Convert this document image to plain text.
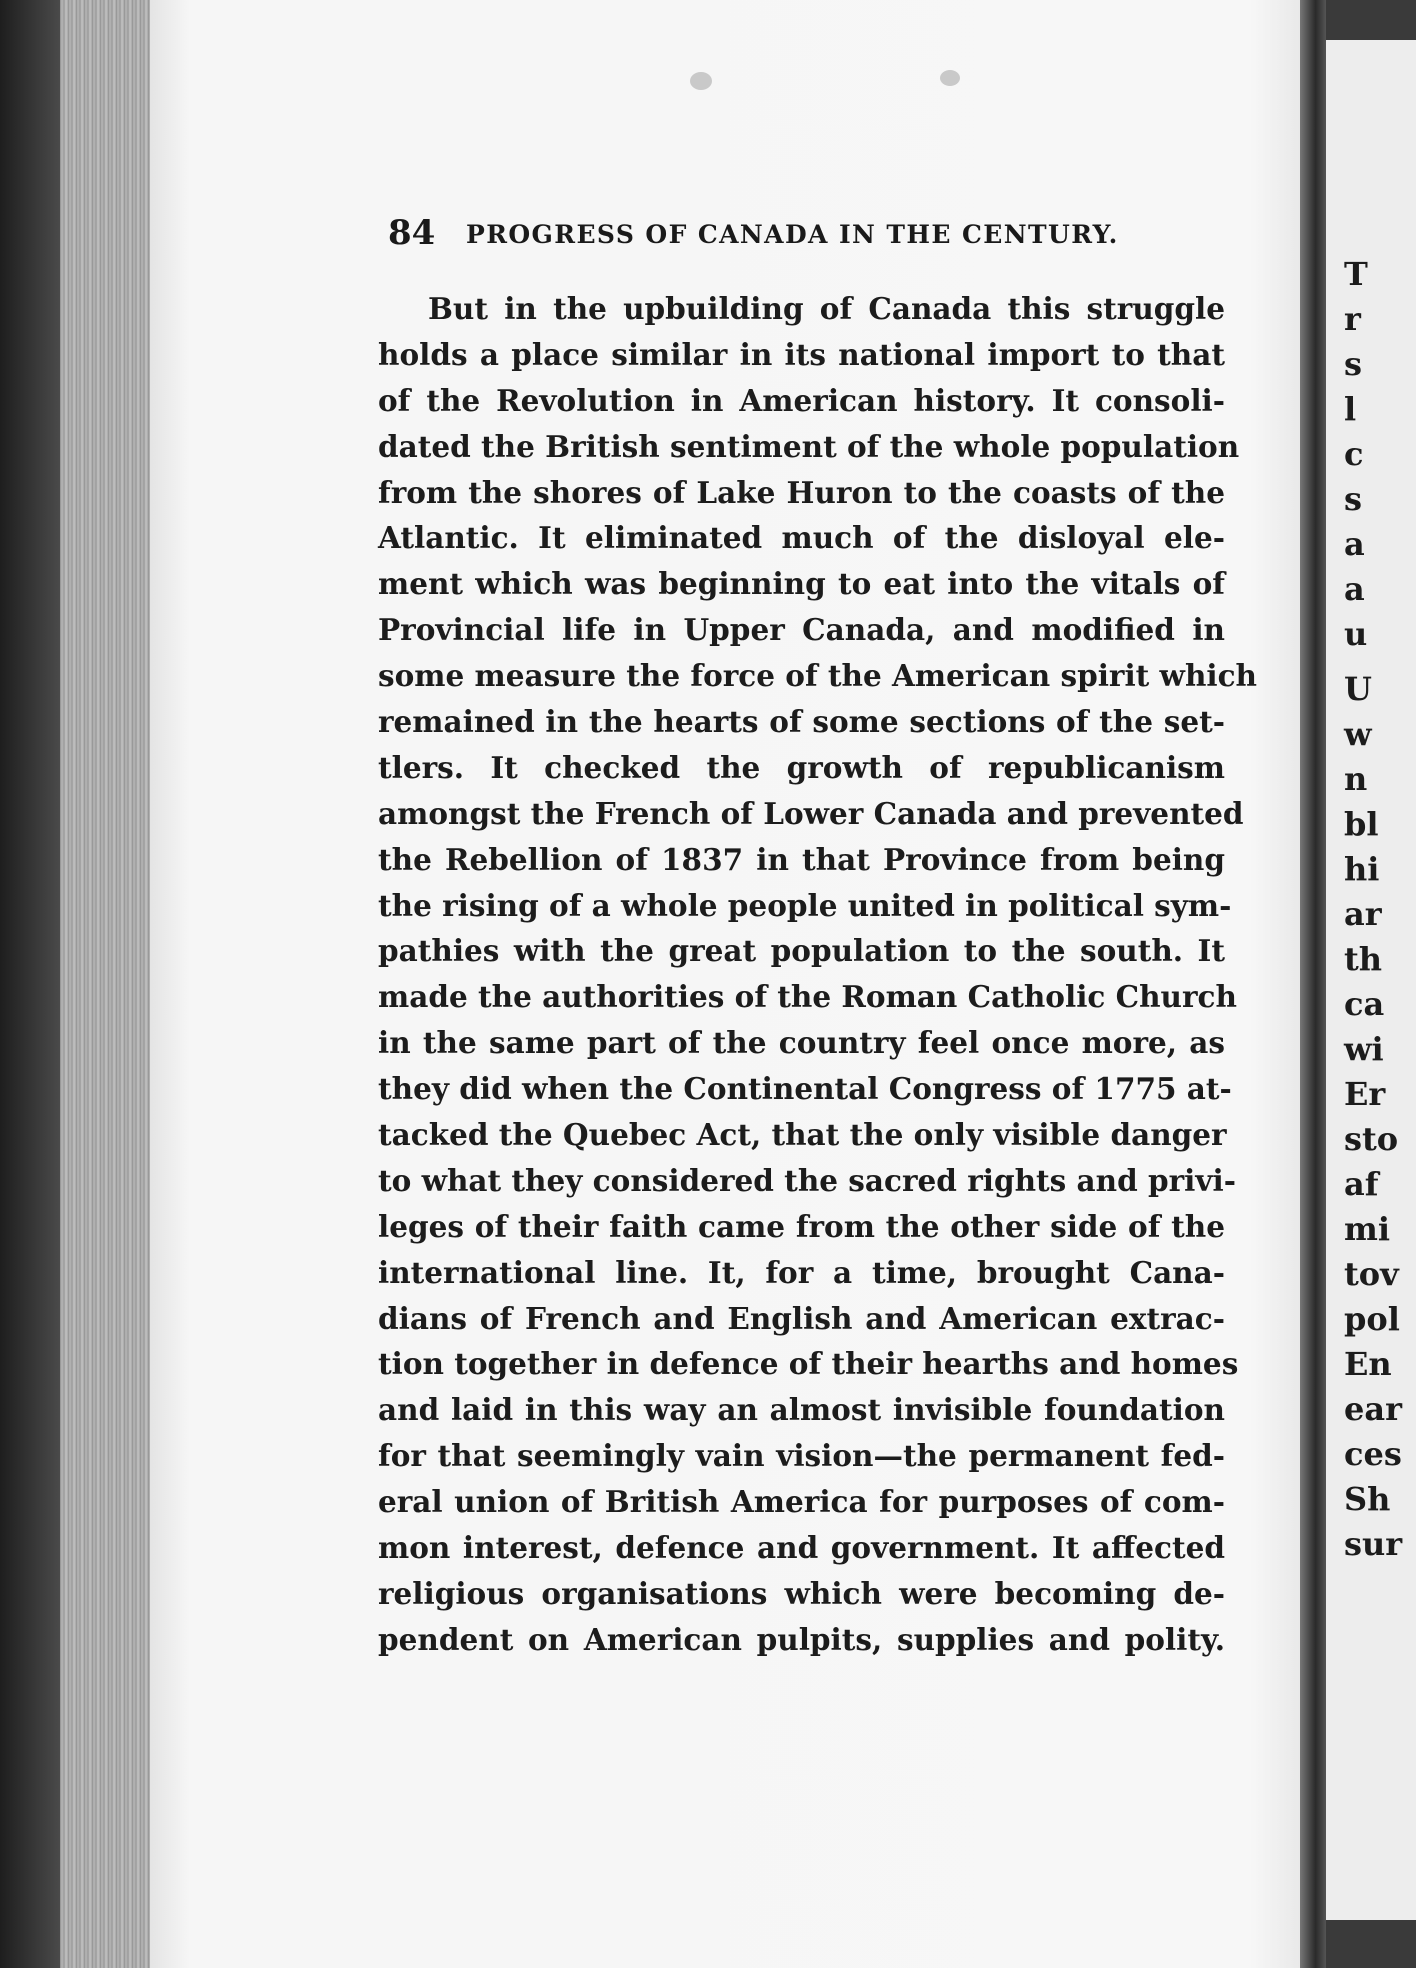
T
r
s
l
c
s
a
a
u
U
w
n
bl
hi
ar
th
ca
wi
Er
sto
af
mi
tov
pol
En
ear
ces
Sh
sur
84 PROGRESS OF CANADA IN THE CENTURY.
But in the upbuilding of Canada this struggle
holds a place similar in its national import to that
of the Revolution in American history. It consoli-
dated the British sentiment of the whole population
from the shores of Lake Huron to the coasts of the
Atlantic. It eliminated much of the disloyal ele-
ment which was beginning to eat into the vitals of
Provincial life in Upper Canada, and modified in
some measure the force of the American spirit which
remained in the hearts of some sections of the set-
tlers. It checked the growth of republicanism
amongst the French of Lower Canada and prevented
the Rebellion of 1837 in that Province from being
the rising of a whole people united in political sym-
pathies with the great population to the south. It
made the authorities of the Roman Catholic Church
in the same part of the country feel once more, as
they did when the Continental Congress of 1775 at-
tacked the Quebec Act, that the only visible danger
to what they considered the sacred rights and privi-
leges of their faith came from the other side of the
international line. It, for a time, brought Cana-
dians of French and English and American extrac-
tion together in defence of their hearths and homes
and laid in this way an almost invisible foundation
for that seemingly vain vision—the permanent fed-
eral union of British America for purposes of com-
mon interest, defence and government. It affected
religious organisations which were becoming de-
pendent on American pulpits, supplies and polity.
